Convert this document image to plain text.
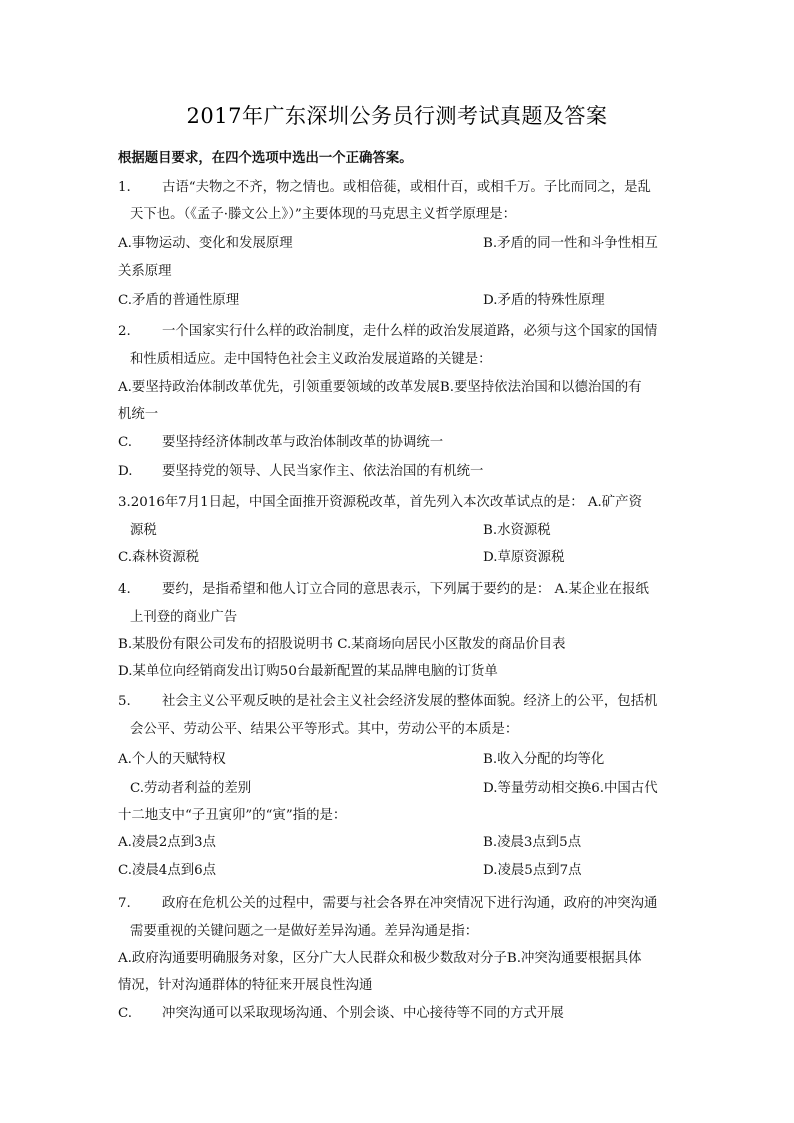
2017年广东深圳公务员行测考试真题及答案
根据题目要求，在四个选项中选出一个正确答案。
1. 古语“夫物之不齐，物之情也。或相倍蓰，或相什百，或相千万。子比而同之，是乱
天下也。（《孟子·滕文公上》）”主要体现的马克思主义哲学原理是：
A.事物运动、变化和发展原理	B.矛盾的同一性和斗争性相互
关系原理
C.矛盾的普通性原理	D.矛盾的特殊性原理
2. 一个国家实行什么样的政治制度，走什么样的政治发展道路，必须与这个国家的国情
和性质相适应。走中国特色社会主义政治发展道路的关键是：
A.要坚持政治体制改革优先，引领重要领域的改革发展B.要坚持依法治国和以德治国的有
机统一
C. 要坚持经济体制改革与政治体制改革的协调统一
D. 要坚持党的领导、人民当家作主、依法治国的有机统一
3.2016年7月1日起，中国全面推开资源税改革，首先列入本次改革试点的是： A.矿产资
源税	B.水资源税
C.森林资源税	D.草原资源税
4. 要约，是指希望和他人订立合同的意思表示，下列属于要约的是： A.某企业在报纸
上刊登的商业广告
B.某股份有限公司发布的招股说明书 C.某商场向居民小区散发的商品价目表
D.某单位向经销商发出订购50台最新配置的某品牌电脑的订货单
5. 社会主义公平观反映的是社会主义社会经济发展的整体面貌。经济上的公平，包括机
会公平、劳动公平、结果公平等形式。其中，劳动公平的本质是：
A.个人的天赋特权	B.收入分配的均等化
C.劳动者利益的差别	D.等量劳动相交换6.中国古代
十二地支中“子丑寅卯”的“寅”指的是：
A.凌晨2点到3点	B.凌晨3点到5点
C.凌晨4点到6点	D.凌晨5点到7点
7. 政府在危机公关的过程中，需要与社会各界在冲突情况下进行沟通，政府的冲突沟通
需要重视的关键问题之一是做好差异沟通。差异沟通是指：
A.政府沟通要明确服务对象，区分广大人民群众和极少数敌对分子B.冲突沟通要根据具体
情况，针对沟通群体的特征来开展良性沟通
C. 冲突沟通可以采取现场沟通、个别会谈、中心接待等不同的方式开展
